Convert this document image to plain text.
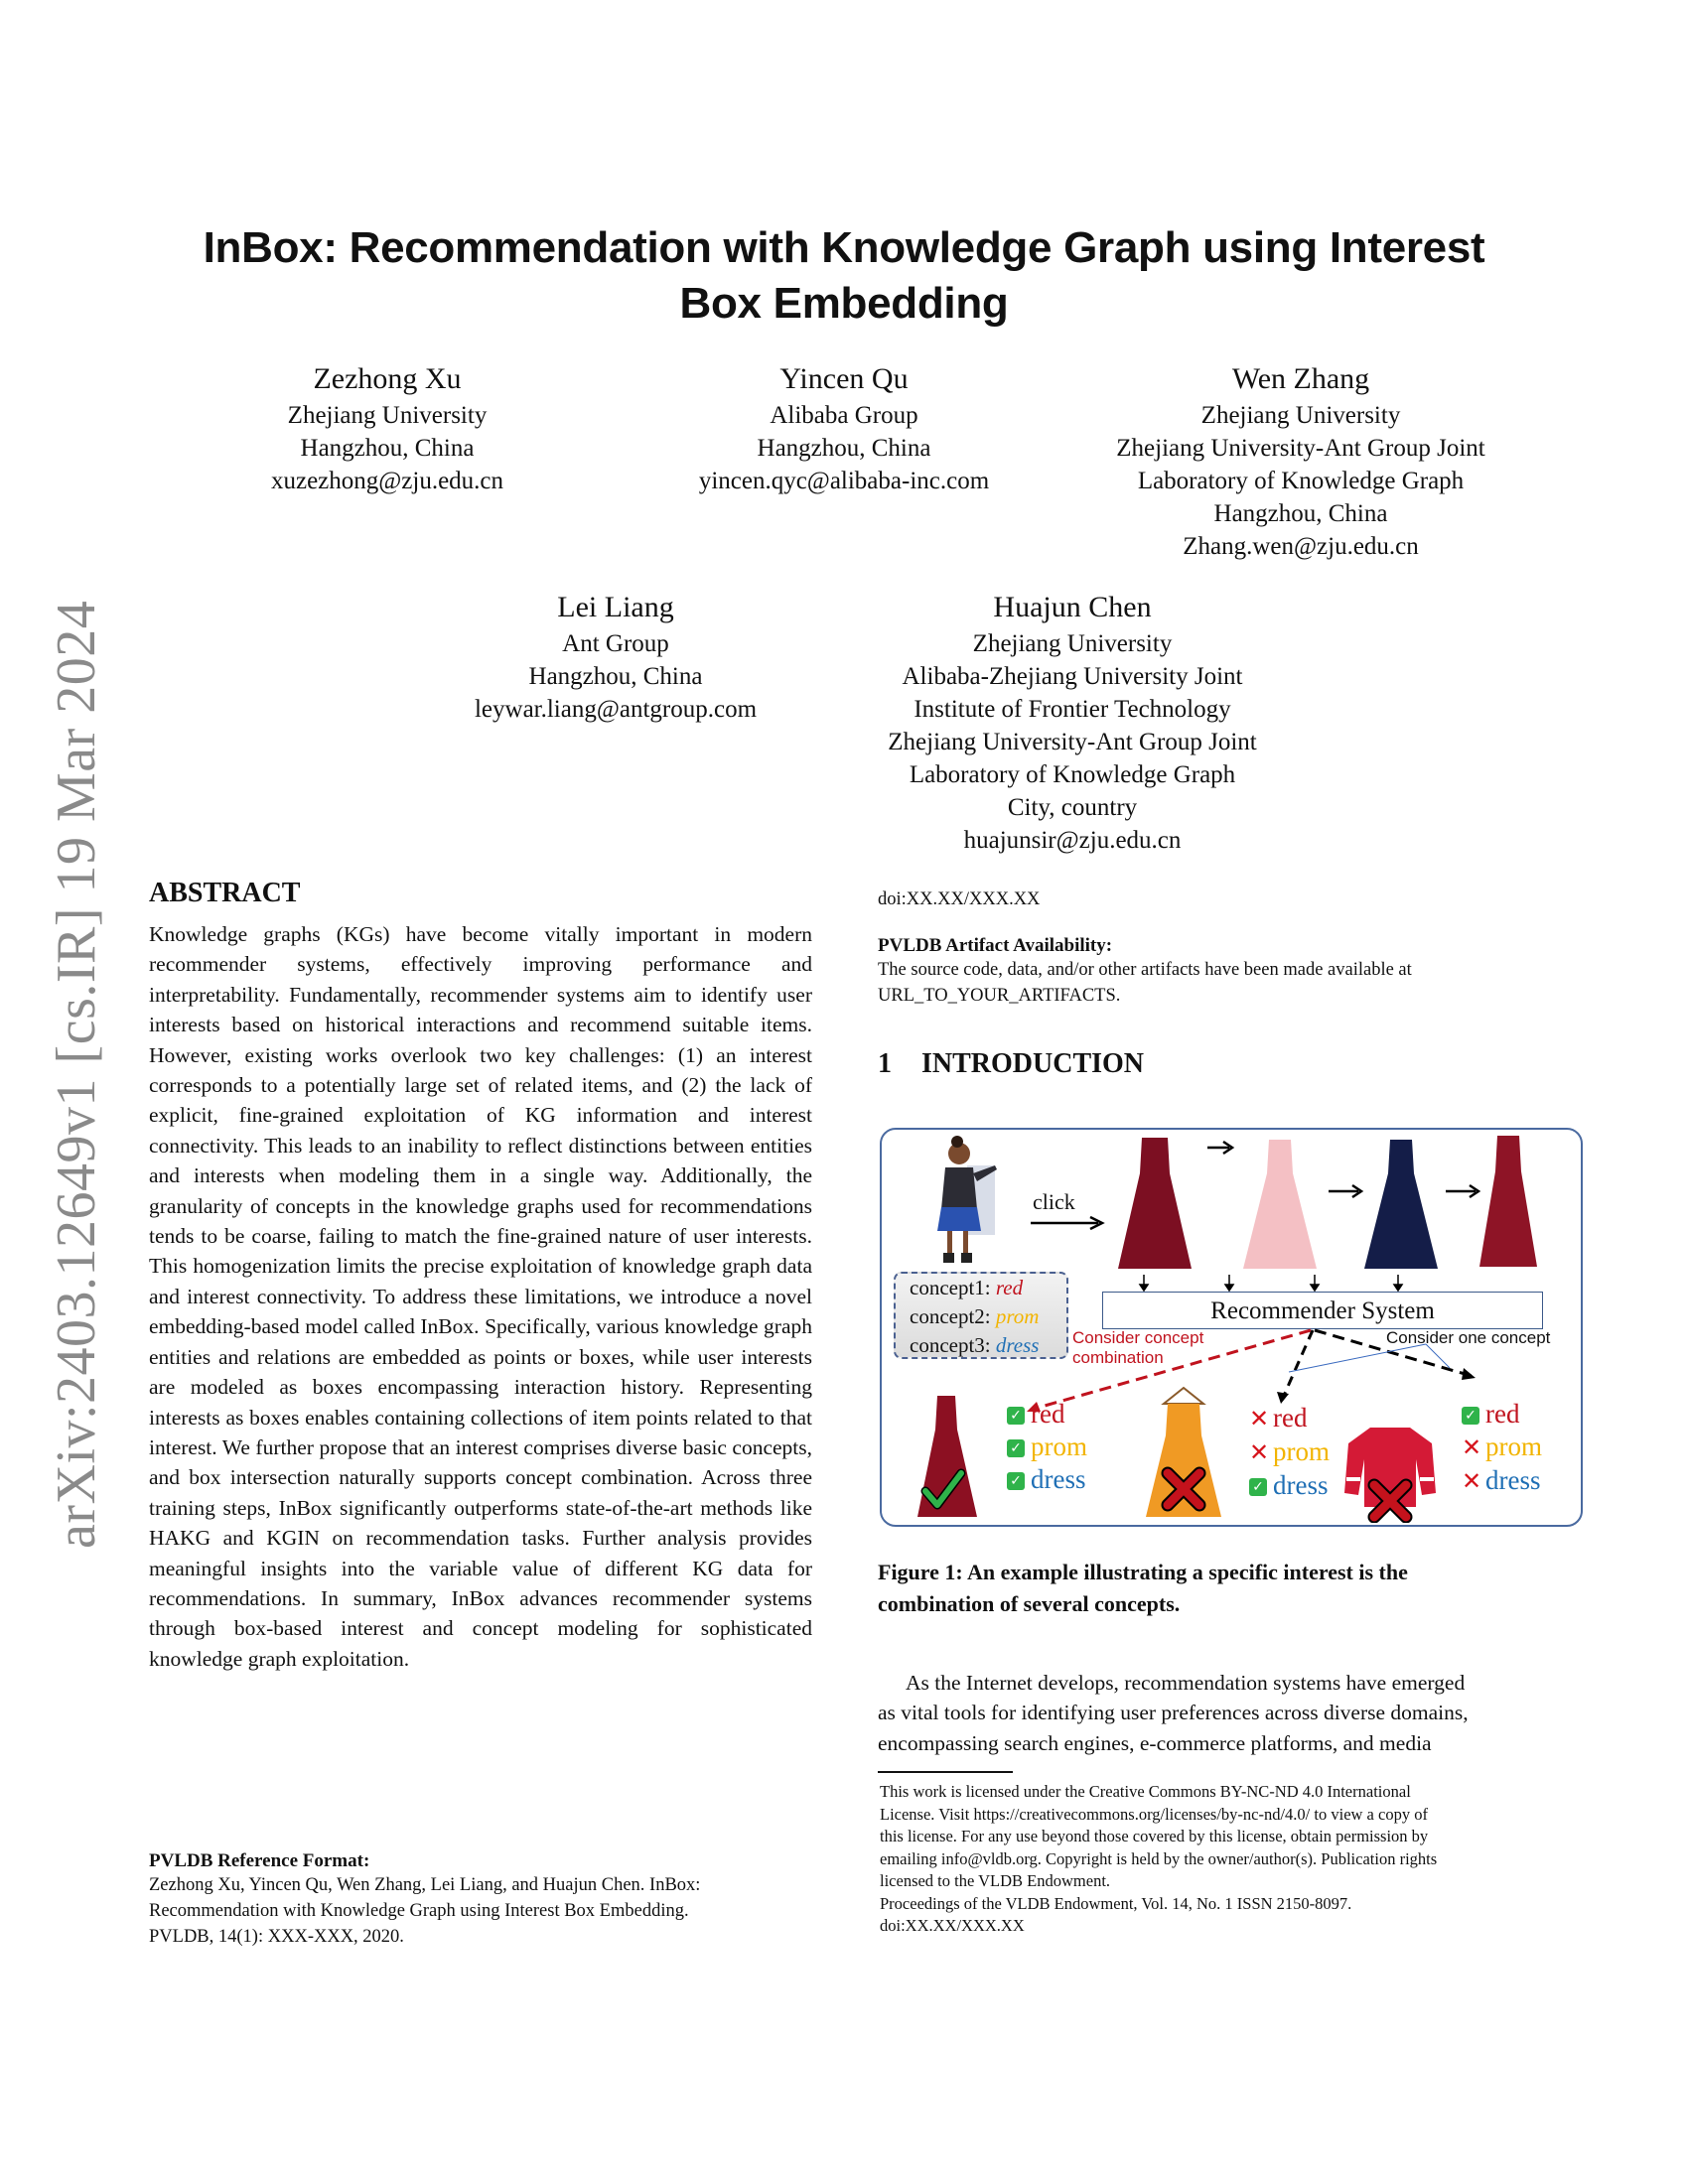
arXiv:2403.12649v1 [cs.IR] 19 Mar 2024
InBox: Recommendation with Knowledge Graph using Interest
Box Embedding
Zezhong Xu
Zhejiang University
Hangzhou, China
xuzezhong@zju.edu.cn
Yincen Qu
Alibaba Group
Hangzhou, China
yincen.qyc@alibaba-inc.com
Wen Zhang
Zhejiang University
Zhejiang University-Ant Group Joint
Laboratory of Knowledge Graph
Hangzhou, China
Zhang.wen@zju.edu.cn
Lei Liang
Ant Group
Hangzhou, China
leywar.liang@antgroup.com
Huajun Chen
Zhejiang University
Alibaba-Zhejiang University Joint
Institute of Frontier Technology
Zhejiang University-Ant Group Joint
Laboratory of Knowledge Graph
City, country
huajunsir@zju.edu.cn
ABSTRACT
Knowledge graphs (KGs) have become vitally important in modern recommender systems, effectively improving performance and interpretability. Fundamentally, recommender systems aim to identify user interests based on historical interactions and recommend suitable items. However, existing works overlook two key challenges: (1) an interest corresponds to a potentially large set of related items, and (2) the lack of explicit, fine-grained exploitation of KG information and interest connectivity. This leads to an inability to reflect distinctions between entities and interests when modeling them in a single way. Additionally, the granularity of concepts in the knowledge graphs used for recommendations tends to be coarse, failing to match the fine-grained nature of user interests. This homogenization limits the precise exploitation of knowledge graph data and interest connectivity. To address these limitations, we introduce a novel embedding-based model called InBox. Specifically, various knowledge graph entities and relations are embedded as points or boxes, while user interests are modeled as boxes encompassing interaction history. Representing interests as boxes enables containing collections of item points related to that interest. We further propose that an interest comprises diverse basic concepts, and box intersection naturally supports concept combination. Across three training steps, InBox significantly outperforms state-of-the-art methods like HAKG and KGIN on recommendation tasks. Further analysis provides meaningful insights into the variable value of different KG data for recommendations. In summary, InBox advances recommender systems through box-based interest and concept modeling for sophisticated knowledge graph exploitation.
PVLDB Reference Format:
Zezhong Xu, Yincen Qu, Wen Zhang, Lei Liang, and Huajun Chen. InBox:
Recommendation with Knowledge Graph using Interest Box Embedding.
PVLDB, 14(1): XXX-XXX, 2020.
doi:XX.XX/XXX.XX
PVLDB Artifact Availability:
The source code, data, and/or other artifacts have been made available at
URL_TO_YOUR_ARTIFACTS.
1 INTRODUCTION
click
concept1: red
concept2: prom
concept3: dress
Recommender System
Consider concept
combination
Consider one concept
✓ red
✓ prom
✓ dress
✕ red
✕ prom
✓ dress
✓ red
✕ prom
✕ dress
Figure 1: An example illustrating a specific interest is the
combination of several concepts.
As the Internet develops, recommendation systems have emerged
as vital tools for identifying user preferences across diverse domains,
encompassing search engines, e-commerce platforms, and media
This work is licensed under the Creative Commons BY-NC-ND 4.0 International
License. Visit https://creativecommons.org/licenses/by-nc-nd/4.0/ to view a copy of
this license. For any use beyond those covered by this license, obtain permission by
emailing info@vldb.org. Copyright is held by the owner/author(s). Publication rights
licensed to the VLDB Endowment.
Proceedings of the VLDB Endowment, Vol. 14, No. 1 ISSN 2150-8097.
doi:XX.XX/XXX.XX
